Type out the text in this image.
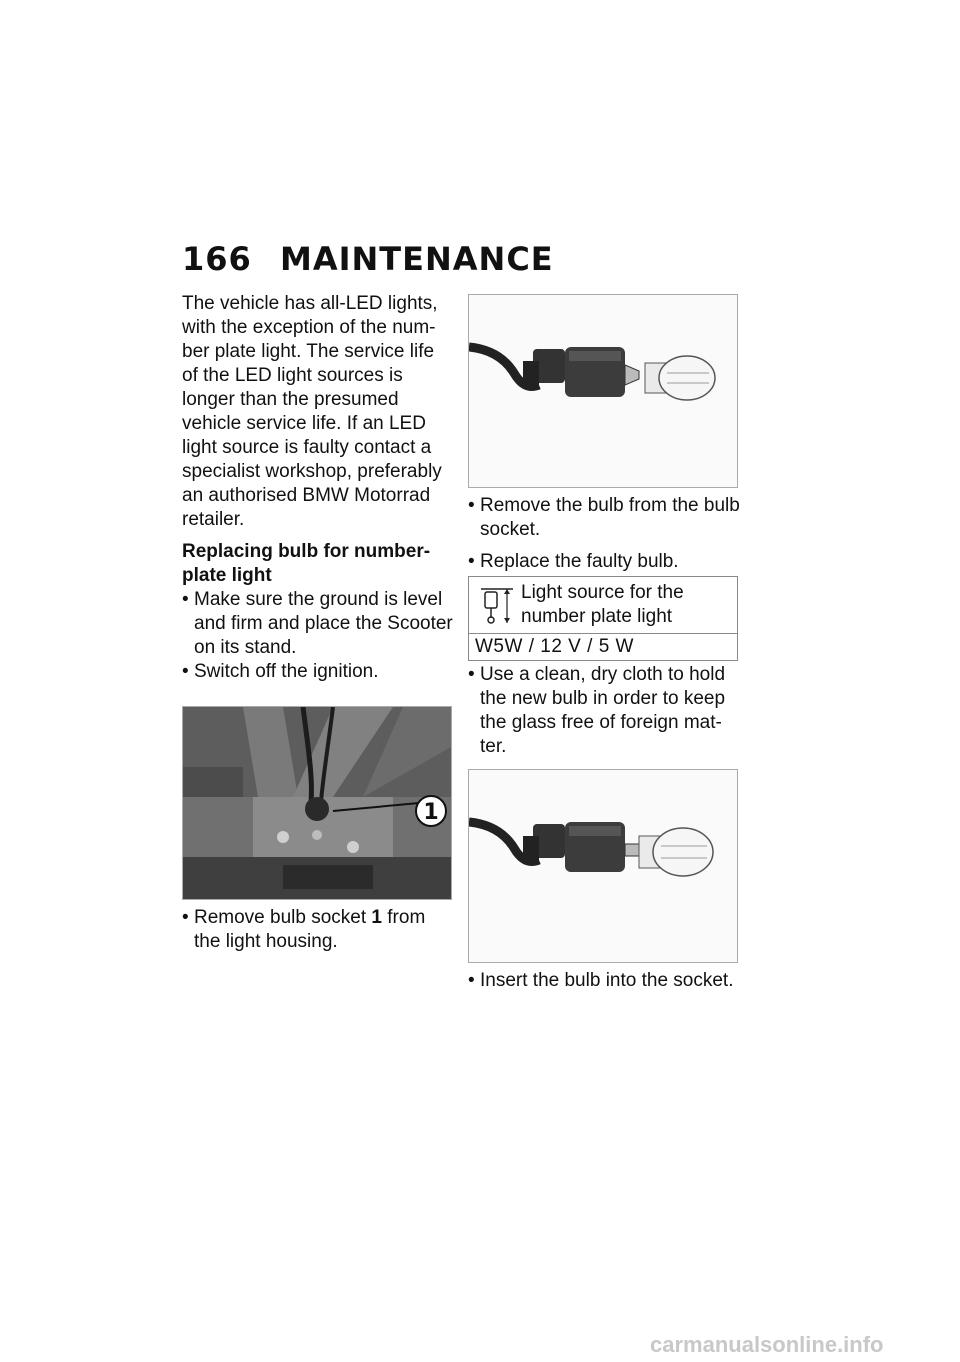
166 MAINTENANCE

The vehicle has all-LED lights, with the exception of the num-ber plate light. The service life of the LED light sources is longer than the presumed vehicle service life. If an LED light source is faulty contact a specialist workshop, preferably an authorised BMW Motorrad retailer.

Replacing bulb for number-plate light

• Make sure the ground is level and firm and place the Scooter on its stand.

• Switch off the ignition.

1

• Remove bulb socket 1 from the light housing.

• Remove the bulb from the bulb socket.

• Replace the faulty bulb.

Light source for the number plate light
W5W / 12 V / 5 W

• Use a clean, dry cloth to hold the new bulb in order to keep the glass free of foreign mat-ter.

• Insert the bulb into the socket.

carmanualsonline.info
